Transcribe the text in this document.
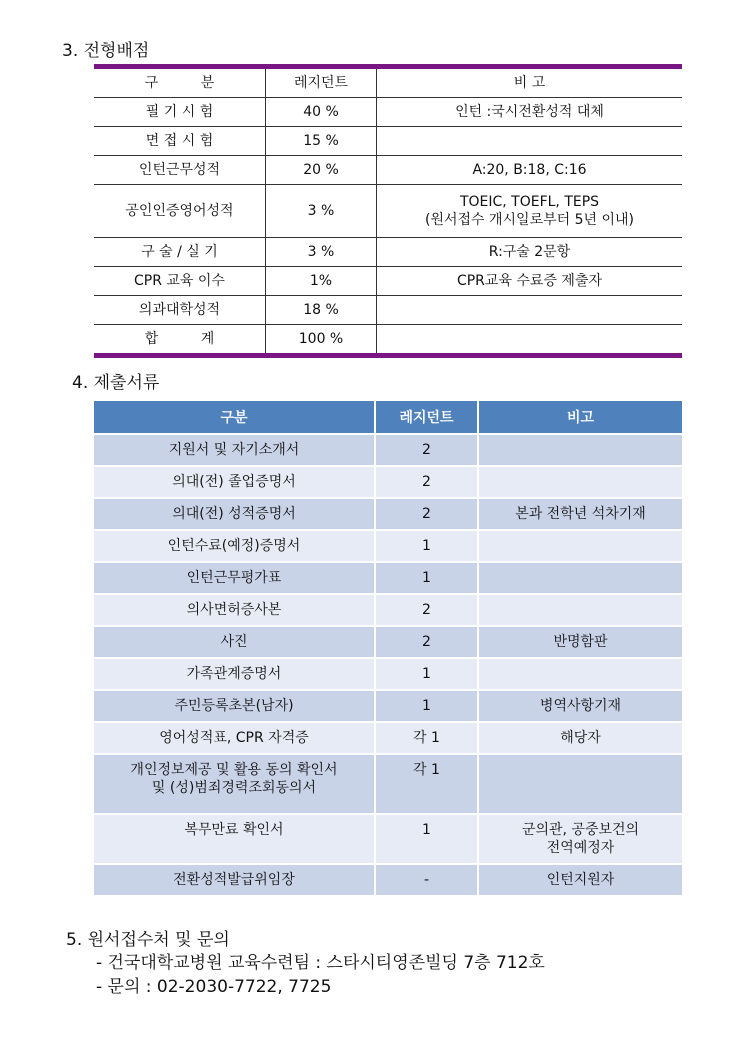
3. 전형배점
구 분	레지던트	비 고
필 기 시 험	40 %	인턴 :국시전환성적 대체
면 접 시 험	15 %	
인턴근무성적	20 %	A:20, B:18, C:16
공인인증영어성적	3 %	TOEIC, TOEFL, TEPS
(원서접수 개시일로부터 5년 이내)

구 술 / 실 기	3 %	R:구술 2문항
CPR 교육 이수	1%	CPR교육 수료증 제출자
의과대학성적	18 %	
합 계	100 %	
4. 제출서류
구분	레지던트	비고
지원서 및 자기소개서	2	
의대(전) 졸업증명서	2	
의대(전) 성적증명서	2	본과 전학년 석차기재
인턴수료(예정)증명서	1	
인턴근무평가표	1	
의사면허증사본	2	
사진	2	반명함판
가족관계증명서	1	
주민등록초본(남자)	1	병역사항기재
영어성적표, CPR 자격증	각 1	해당자

개인정보제공 및 활용 동의 확인서
및 (성)범죄경력조회동의서	각 1	
복무만료 확인서	1	군의관, 공중보건의
전역예정자

전환성적발급위임장	-	인턴지원자
5. 원서접수처 및 문의

- 건국대학교병원 교육수련팀 : 스타시티영존빌딩 7층 712호

- 문의 : 02-2030-7722, 7725
